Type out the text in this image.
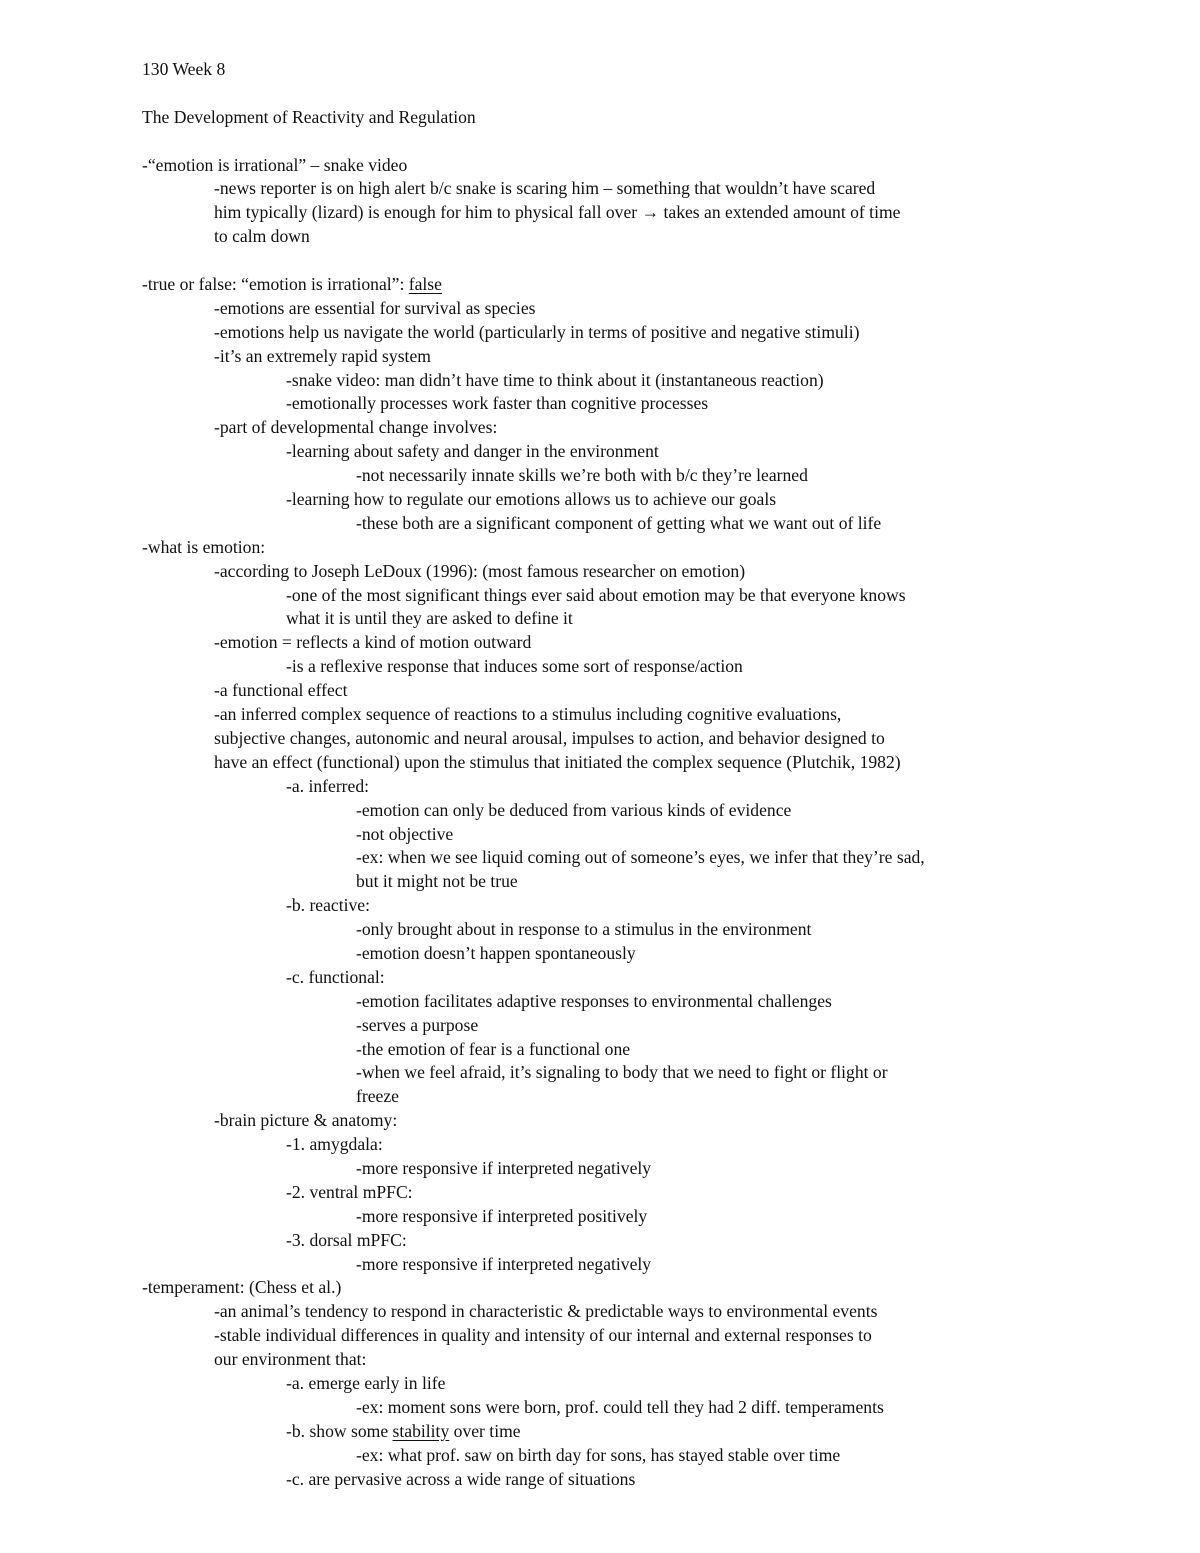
130 Week 8
The Development of Reactivity and Regulation
-“emotion is irrational” – snake video
-news reporter is on high alert b/c snake is scaring him – something that wouldn’t have scared
him typically (lizard) is enough for him to physical fall over → takes an extended amount of time
to calm down
-true or false: “emotion is irrational”: false
-emotions are essential for survival as species
-emotions help us navigate the world (particularly in terms of positive and negative stimuli)
-it’s an extremely rapid system
-snake video: man didn’t have time to think about it (instantaneous reaction)
-emotionally processes work faster than cognitive processes
-part of developmental change involves:
-learning about safety and danger in the environment
-not necessarily innate skills we’re both with b/c they’re learned
-learning how to regulate our emotions allows us to achieve our goals
-these both are a significant component of getting what we want out of life
-what is emotion:
-according to Joseph LeDoux (1996): (most famous researcher on emotion)
-one of the most significant things ever said about emotion may be that everyone knows
what it is until they are asked to define it
-emotion = reflects a kind of motion outward
-is a reflexive response that induces some sort of response/action
-a functional effect
-an inferred complex sequence of reactions to a stimulus including cognitive evaluations,
subjective changes, autonomic and neural arousal, impulses to action, and behavior designed to
have an effect (functional) upon the stimulus that initiated the complex sequence (Plutchik, 1982)
-a. inferred:
-emotion can only be deduced from various kinds of evidence
-not objective
-ex: when we see liquid coming out of someone’s eyes, we infer that they’re sad,
but it might not be true
-b. reactive:
-only brought about in response to a stimulus in the environment
-emotion doesn’t happen spontaneously
-c. functional:
-emotion facilitates adaptive responses to environmental challenges
-serves a purpose
-the emotion of fear is a functional one
-when we feel afraid, it’s signaling to body that we need to fight or flight or
freeze
-brain picture & anatomy:
-1. amygdala:
-more responsive if interpreted negatively
-2. ventral mPFC:
-more responsive if interpreted positively
-3. dorsal mPFC:
-more responsive if interpreted negatively
-temperament: (Chess et al.)
-an animal’s tendency to respond in characteristic & predictable ways to environmental events
-stable individual differences in quality and intensity of our internal and external responses to
our environment that:
-a. emerge early in life
-ex: moment sons were born, prof. could tell they had 2 diff. temperaments
-b. show some stability over time
-ex: what prof. saw on birth day for sons, has stayed stable over time
-c. are pervasive across a wide range of situations
